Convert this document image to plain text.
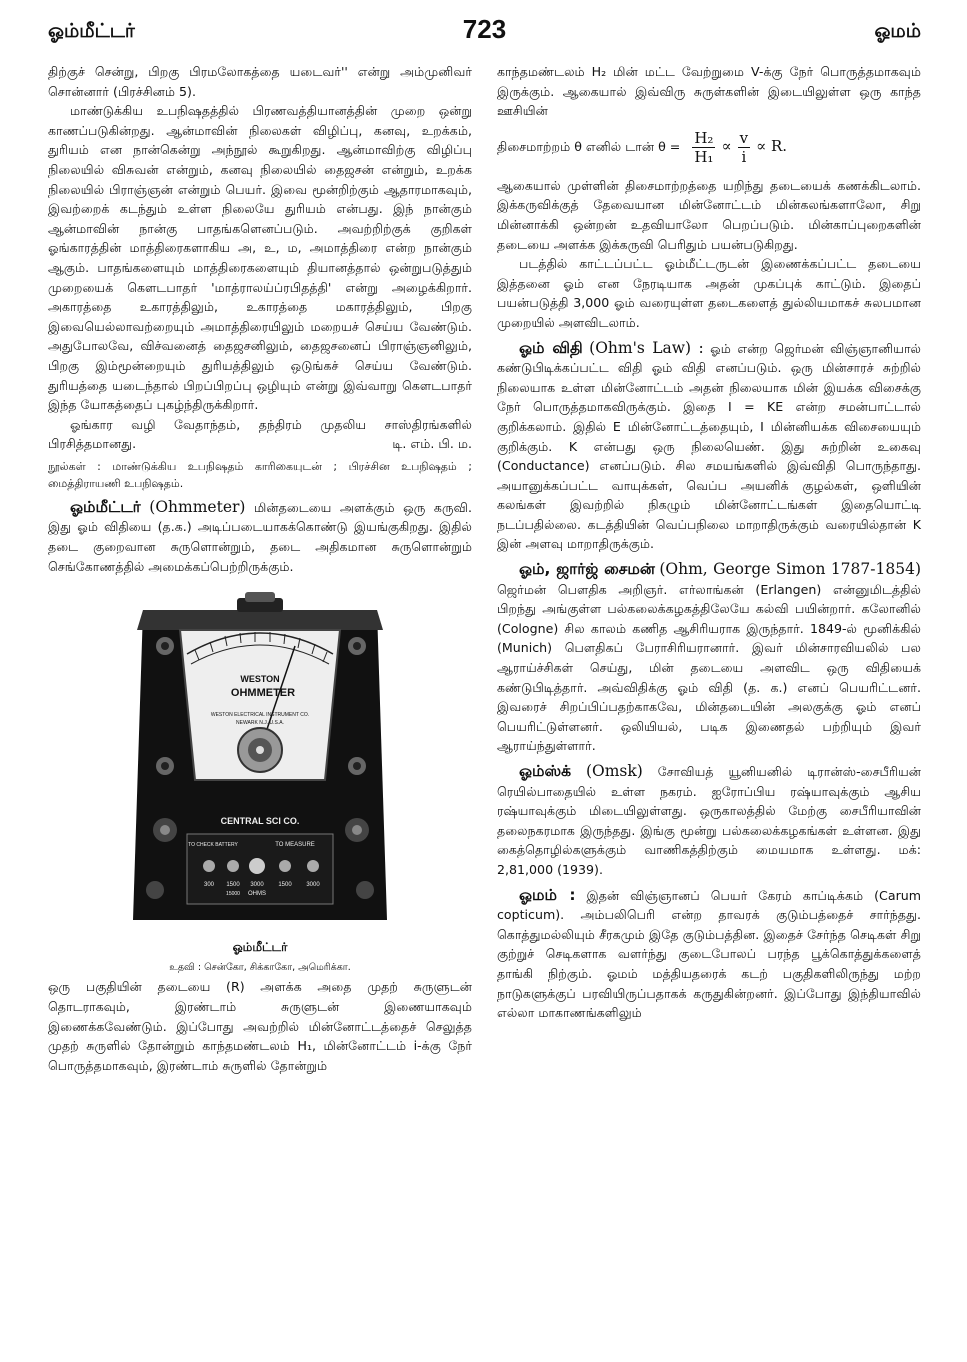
ஓம்மீட்டர்	723	ஓமம்

திற்குச் சென்று, பிறகு பிரமலோகத்தை யடைவர்'' என்று அம்முனிவர் சொன்னார் (பிரச்சினம் 5).

மாண்டுக்கிய உபநிஷதத்தில் பிரணவத்தியானத்தின் முறை ஒன்று காணப்படுகின்றது. ஆன்மாவின் நிலைகள் விழிப்பு, கனவு, உறக்கம், துரியம் என நான்கென்று அந்நூல் கூறுகிறது. ஆன்மாவிற்கு விழிப்பு நிலையில் விசுவன் என்றும், கனவு நிலையில் தைஜசன் என்றும், உறக்க நிலையில் பிராஞ்ஞன் என்றும் பெயர். இவை மூன்றிற்கும் ஆதாரமாகவும், இவற்றைக் கடந்தும் உள்ள நிலையே துரியம் என்பது. இந் நான்கும் ஆன்மாவின் நான்கு பாதங்களெனப்படும். அவற்றிற்குக் குறிகள் ஓங்காரத்தின் மாத்திரைகளாகிய அ, உ, ம, அமாத்திரை என்ற நான்கும் ஆகும். பாதங்களையும் மாத்திரைகளையும் தியானத்தால் ஒன்றுபடுத்தும் முறையைக் கௌடபாதர் 'மாத்ராலய்ப்ரபிதத்தி' என்று அழைக்கிறார். அகாரத்தை உகாரத்திலும், உகாரத்தை மகாரத்திலும், பிறகு இவையெல்லாவற்றையும் அமாத்திரையிலும் மறையச் செய்ய வேண்டும். அதுபோலவே, விச்வனைத் தைஜசனிலும், தைஜசனைப் பிராஞ்ஞனிலும், பிறகு இம்மூன்றையும் துரியத்திலும் ஒடுங்கச் செய்ய வேண்டும். துரியத்தை யடைந்தால் பிறப்பிறப்பு ஒழியும் என்று இவ்வாறு கௌடபாதர் இந்த யோகத்தைப் புகழ்ந்திருக்கிறார்.

ஓங்கார வழி வேதாந்தம், தந்திரம் முதலிய சாஸ்திரங்களில் பிரசித்தமானது.	டி. எம். பி. ம.

நூல்கள் : மாண்டுக்கிய உபநிஷதம் காரிகையுடன் ; பிரச்சின உபநிஷதம் ; மைத்திராயணி உபநிஷதம்.

ஓம்மீட்டர் (Ohmmeter) மின்தடையை அளக்கும் ஒரு கருவி. இது ஓம் விதியை (த.க.) அடிப்படையாகக்கொண்டு இயங்குகிறது. இதில் தடை குறைவான சுருளொன்றும், தடை அதிகமான சுருளொன்றும் செங்கோணத்தில் அமைக்கப்பெற்றிருக்கும்.

WESTON
OHMMETER
WESTON ELECTRICAL INSTRUMENT CO.
NEWARK N.J. U.S.A.
CENTRAL SCI CO.
TO CHECK BATTERY	TO MEASURE
300 1500
15000
3000
OHMS
1500 3000

ஓம்மீட்டர்

உதவி : சென்கோ, சிக்காகோ, அமெரிக்கா.

ஒரு பகுதியின் தடையை (R) அளக்க அதை முதற் சுருளுடன் தொடராகவும், இரண்டாம் சுருளுடன் இணையாகவும் இணைக்கவேண்டும். இப்போது அவற்றில் மின்னோட்டத்தைச் செலுத்த முதற் சுருளில் தோன்றும் காந்தமண்டலம் H₁, மின்னோட்டம் i-க்கு நேர் பொருத்தமாகவும், இரண்டாம் சுருளில் தோன்றும்

காந்தமண்டலம் H₂ மின் மட்ட வேற்றுமை V-க்கு நேர் பொருத்தமாகவும் இருக்கும். ஆகையால் இவ்விரு சுருள்களின் இடையிலுள்ள ஒரு காந்த ஊசியின்

திசைமாற்றம் θ எனில் டான் $\theta = \frac{\text{H₂}}{\text{H₁}} \propto \frac{v}{i} \propto R$.

ஆகையால் முள்ளின் திசைமாற்றத்தை யறிந்து தடையைக் கணக்கிடலாம். இக்கருவிக்குத் தேவையான மின்னோட்டம் மின்கலங்களாலோ, சிறு மின்னாக்கி ஒன்றன் உதவியாலோ பெறப்படும். மின்காப்புறைகளின் தடையை அளக்க இக்கருவி பெரிதும் பயன்படுகிறது.

படத்தில் காட்டப்பட்ட ஓம்மீட்டருடன் இணைக்கப்பட்ட தடையை இத்தனை ஓம் என நேரடியாக அதன் முகப்புக் காட்டும். இதைப் பயன்படுத்தி 3,000 ஓம் வரையுள்ள தடைகளைத் துல்லியமாகச் சுலபமான முறையில் அளவிடலாம்.

ஓம் விதி (Ohm's Law) : ஓம் என்ற ஜெர்மன் விஞ்ஞானியால் கண்டுபிடிக்கப்பட்ட விதி ஓம் விதி எனப்படும். ஒரு மின்சாரச் சுற்றில் நிலையாக உள்ள மின்னோட்டம் அதன் நிலையாக மின் இயக்க விசைக்கு நேர் பொருத்தமாகவிருக்கும். இதை I = KE என்ற சமன்பாட்டால் குறிக்கலாம். இதில் E மின்னோட்டத்தையும், I மின்னியக்க விசையையும் குறிக்கும். K என்பது ஒரு நிலையெண். இது சுற்றின் உகைவு (Conductance) எனப்படும். சில சமயங்களில் இவ்விதி பொருந்தாது. அயானுக்கப்பட்ட வாயுக்கள், வெப்ப அயனிக் குழல்கள், ஒளியின் கலங்கள் இவற்றில் நிகழும் மின்னோட்டங்கள் இதையொட்டி நடப்பதில்லை. கடத்தியின் வெப்பநிலை மாறாதிருக்கும் வரையில்தான் K இன் அளவு மாறாதிருக்கும்.

ஓம், ஜார்ஜ் சைமன் (Ohm, George Simon 1787-1854) ஜெர்மன் பௌதிக அறிஞர். எர்லாங்கன் (Erlangen) என்னுமிடத்தில் பிறந்து அங்குள்ள பல்கலைக்கழகத்திலேயே கல்வி பயின்றார். கலோனில் (Cologne) சில காலம் கணித ஆசிரியராக இருந்தார். 1849-ல் மூனிக்கில் (Munich) பௌதிகப் பேராசிரியரானார். இவர் மின்சாரவியலில் பல ஆராய்ச்சிகள் செய்து, மின் தடையை அளவிட ஒரு விதியைக் கண்டுபிடித்தார். அவ்விதிக்கு ஓம் விதி (த. க.) எனப் பெயரிட்டனர். இவரைச் சிறப்பிப்பதற்காகவே, மின்தடையின் அலகுக்கு ஓம் எனப் பெயரிட்டுள்ளனர். ஒலியியல், படிக இணைதல் பற்றியும் இவர் ஆராய்ந்துள்ளார்.

ஓம்ஸ்க் (Omsk) சோவியத் யூனியனில் டிரான்ஸ்-சைபீரியன் ரெயில்பாதையில் உள்ள நகரம். ஐரோப்பிய ரஷ்யாவுக்கும் ஆசிய ரஷ்யாவுக்கும் மிடையிலுள்ளது. ஒருகாலத்தில் மேற்கு சைபீரியாவின் தலைநகரமாக இருந்தது. இங்கு மூன்று பல்கலைக்கழகங்கள் உள்ளன. இது கைத்தொழில்களுக்கும் வாணிகத்திற்கும் மையமாக உள்ளது. மக்: 2,81,000 (1939).

ஓமம் : இதன் விஞ்ஞானப் பெயர் கேரம் காப்டிக்கம் (Carum copticum). அம்பலிபெரி என்ற தாவரக் குடும்பத்தைச் சார்ந்தது. கொத்துமல்லியும் சீரகமும் இதே குடும்பத்தின. இதைச் சேர்ந்த செடிகள் சிறு குற்றுச் செடிகளாக வளர்ந்து குடைபோலப் பரந்த பூக்கொத்துக்களைத் தாங்கி நிற்கும். ஓமம் மத்தியதரைக் கடற் பகுதிகளிலிருந்து மற்ற நாடுகளுக்குப் பரவியிருப்பதாகக் கருதுகின்றனர். இப்போது இந்தியாவில் எல்லா மாகாணங்களிலும்
